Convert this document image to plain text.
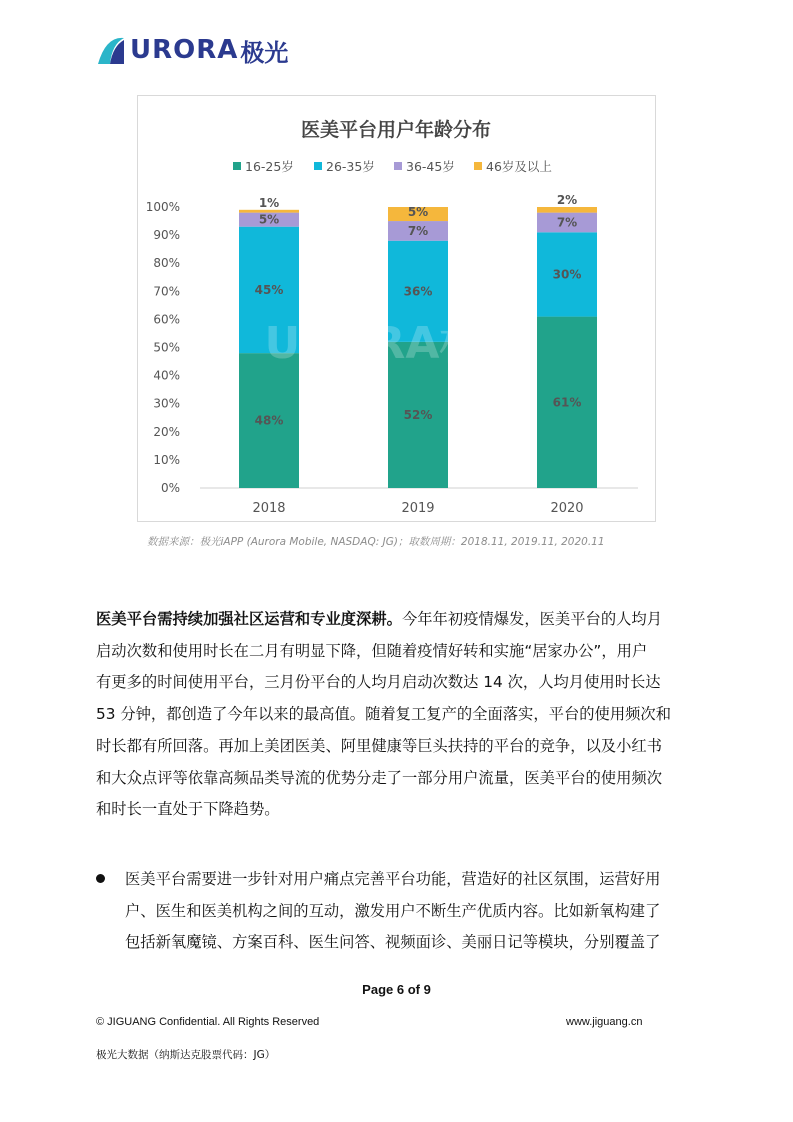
URORA 极光
医美平台用户年龄分布
16-25岁	26-35岁 36-45岁 46岁及以上
0%
10%
20%
30%
40%
50%
60%
70%
80%
90%
100%
48%
45%
5%
1%
2018
52%
36%
7%
5%
2019
61%
30%
7%
2%
2020
URORA极光
数据来源：极光iAPP (Aurora Mobile, NASDAQ: JG)；取数周期：2018.11, 2019.11, 2020.11
医美平台需持续加强社区运营和专业度深耕。今年年初疫情爆发，医美平台的人均月
启动次数和使用时长在二月有明显下降，但随着疫情好转和实施“居家办公”，用户
有更多的时间使用平台，三月份平台的人均月启动次数达 14 次，人均月使用时长达
53 分钟，都创造了今年以来的最高值。随着复工复产的全面落实，平台的使用频次和
时长都有所回落。再加上美团医美、阿里健康等巨头扶持的平台的竞争，以及小红书
和大众点评等依靠高频品类导流的优势分走了一部分用户流量，医美平台的使用频次
和时长一直处于下降趋势。
医美平台需要进一步针对用户痛点完善平台功能，营造好的社区氛围，运营好用
户、医生和医美机构之间的互动，激发用户不断生产优质内容。比如新氧构建了
包括新氧魔镜、方案百科、医生问答、视频面诊、美丽日记等模块，分别覆盖了
Page 6 of 9
© JIGUANG Confidential. All Rights Reserved	www.jiguang.cn
极光大数据（纳斯达克股票代码：JG）
